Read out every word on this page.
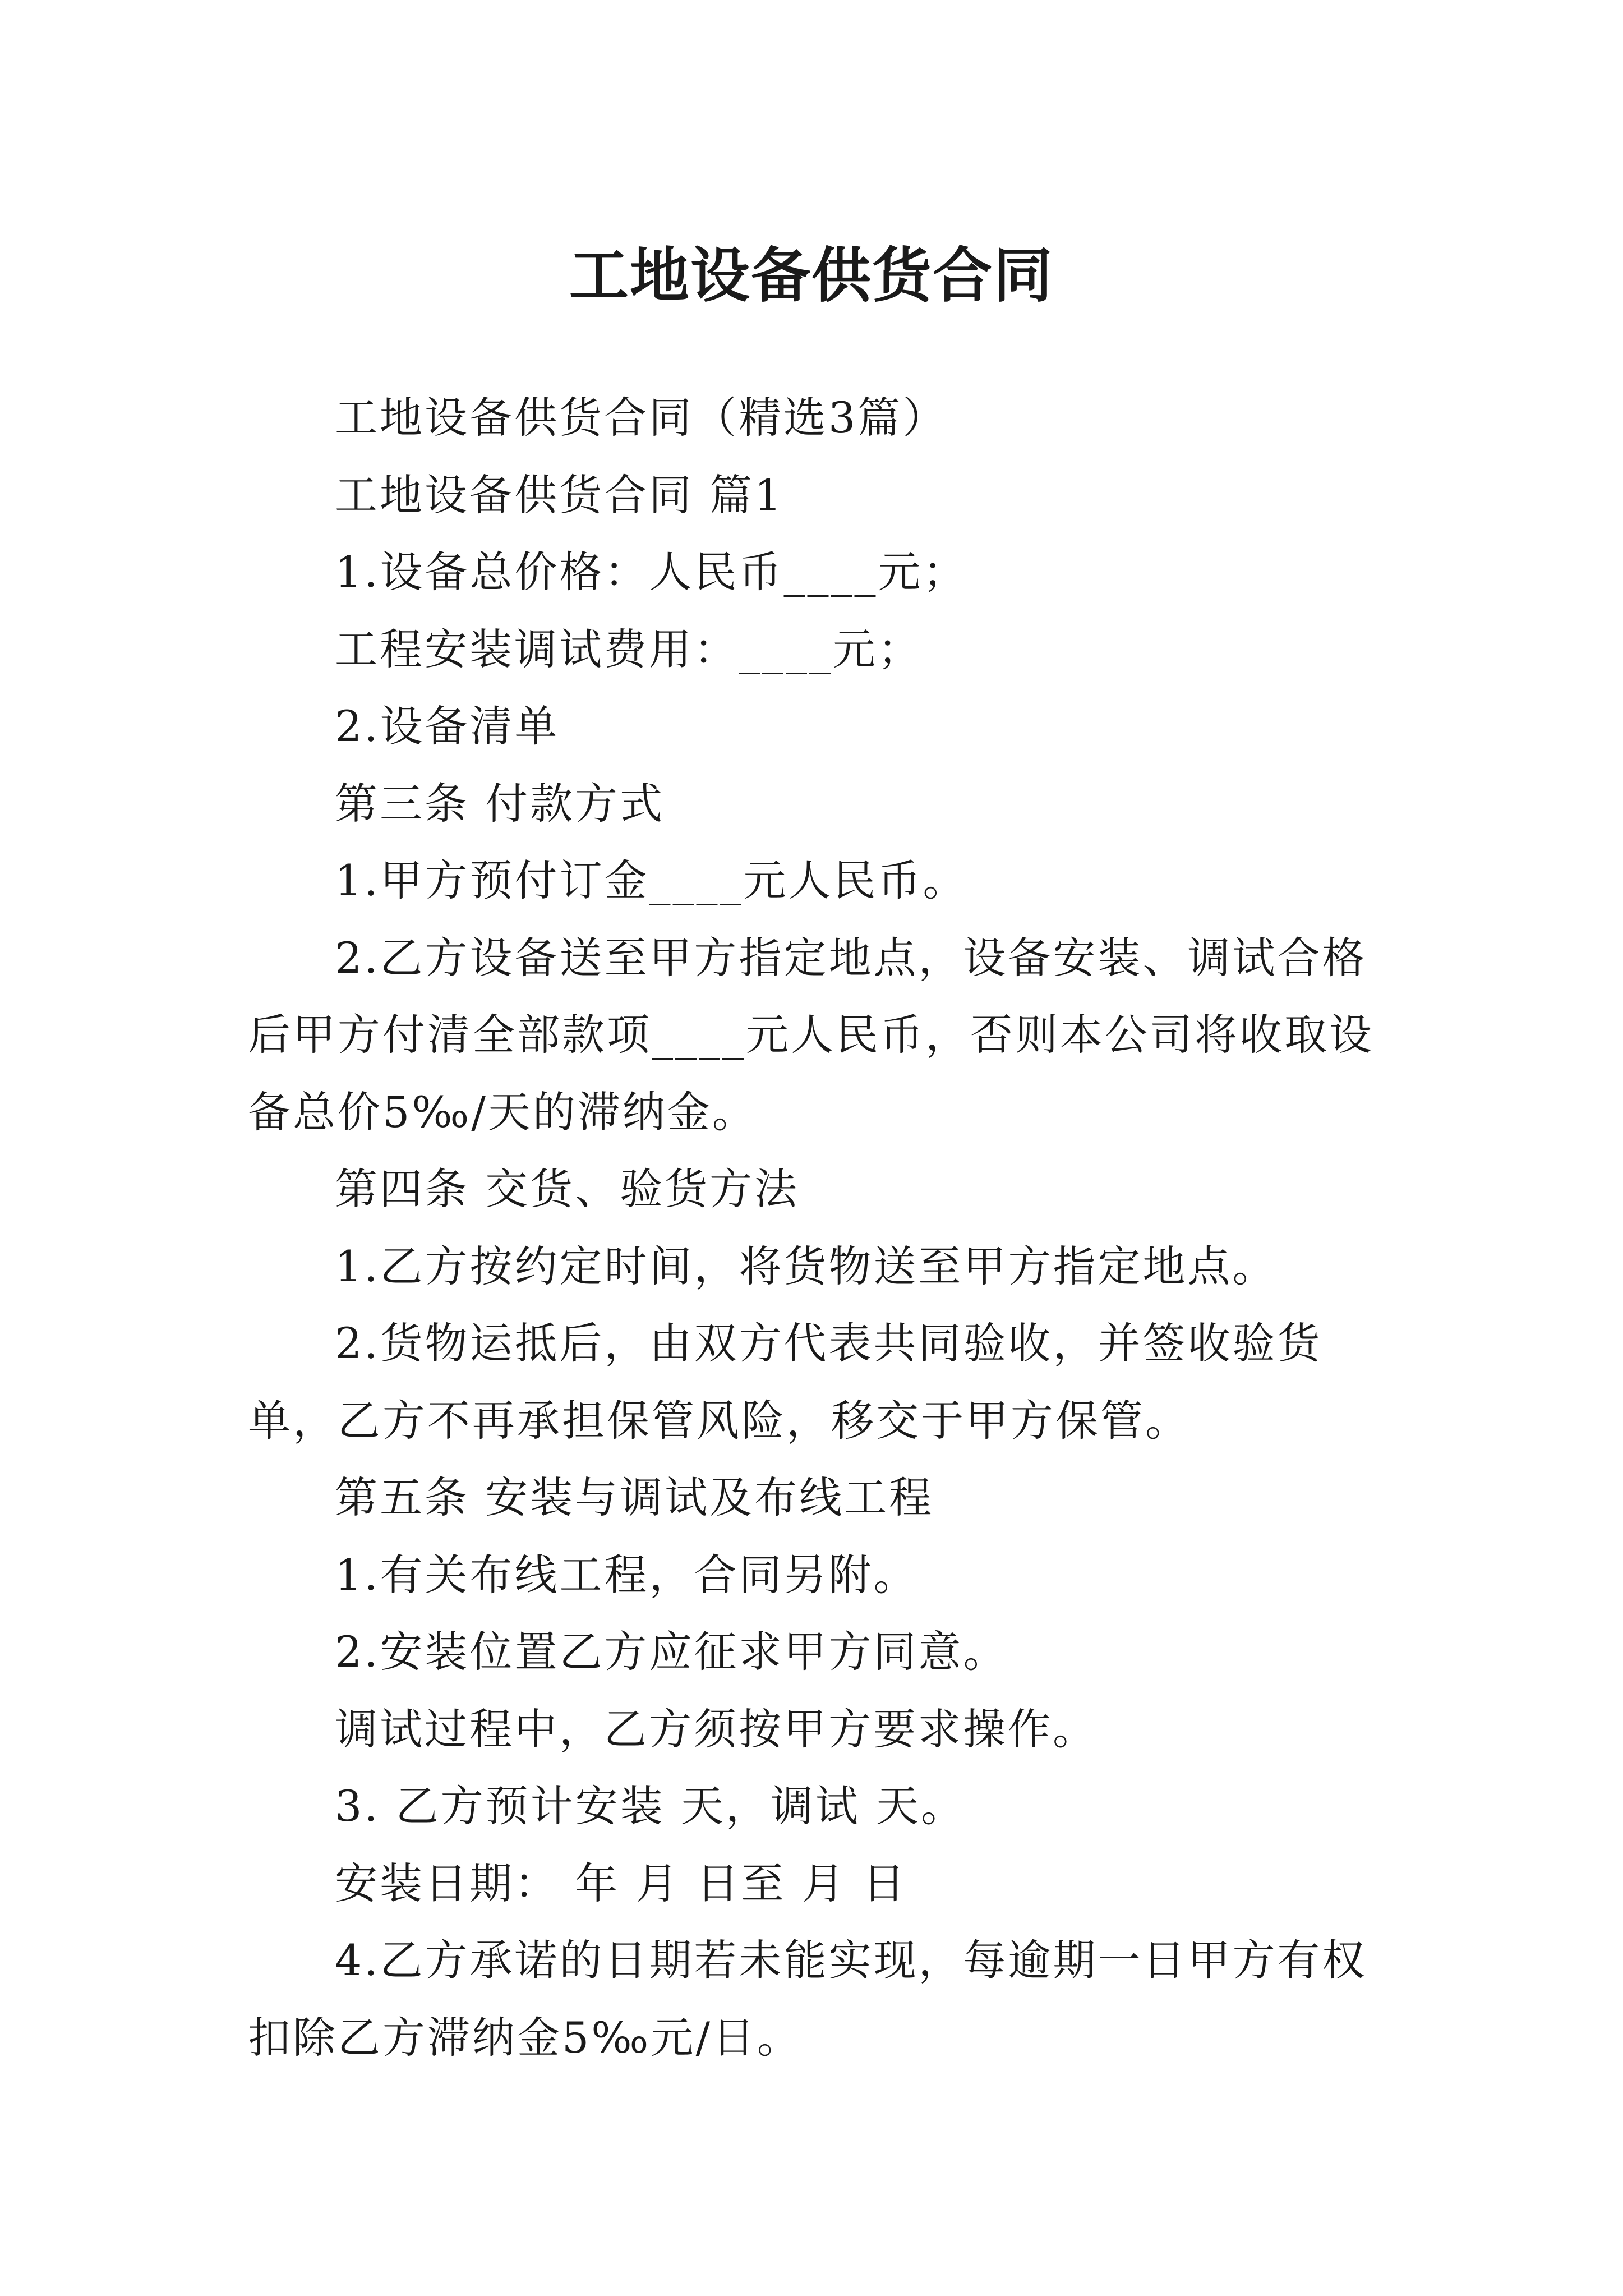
工地设备供货合同

工地设备供货合同（精选3篇）

工地设备供货合同 篇1

1.设备总价格：人民币____元；

工程安装调试费用：____元；

2.设备清单

第三条 付款方式

1.甲方预付订金____元人民币。

2.乙方设备送至甲方指定地点，设备安装、调试合格后甲方付清全部款项____元人民币，否则本公司将收取设备总价5‰/天的滞纳金。

第四条 交货、验货方法

1.乙方按约定时间，将货物送至甲方指定地点。

2.货物运抵后，由双方代表共同验收，并签收验货单，乙方不再承担保管风险，移交于甲方保管。

第五条 安装与调试及布线工程

1.有关布线工程，合同另附。

2.安装位置乙方应征求甲方同意。

调试过程中，乙方须按甲方要求操作。

3. 乙方预计安装 天，调试 天。

安装日期： 年 月 日至 月 日

4.乙方承诺的日期若未能实现，每逾期一日甲方有权扣除乙方滞纳金5‰元/日。
